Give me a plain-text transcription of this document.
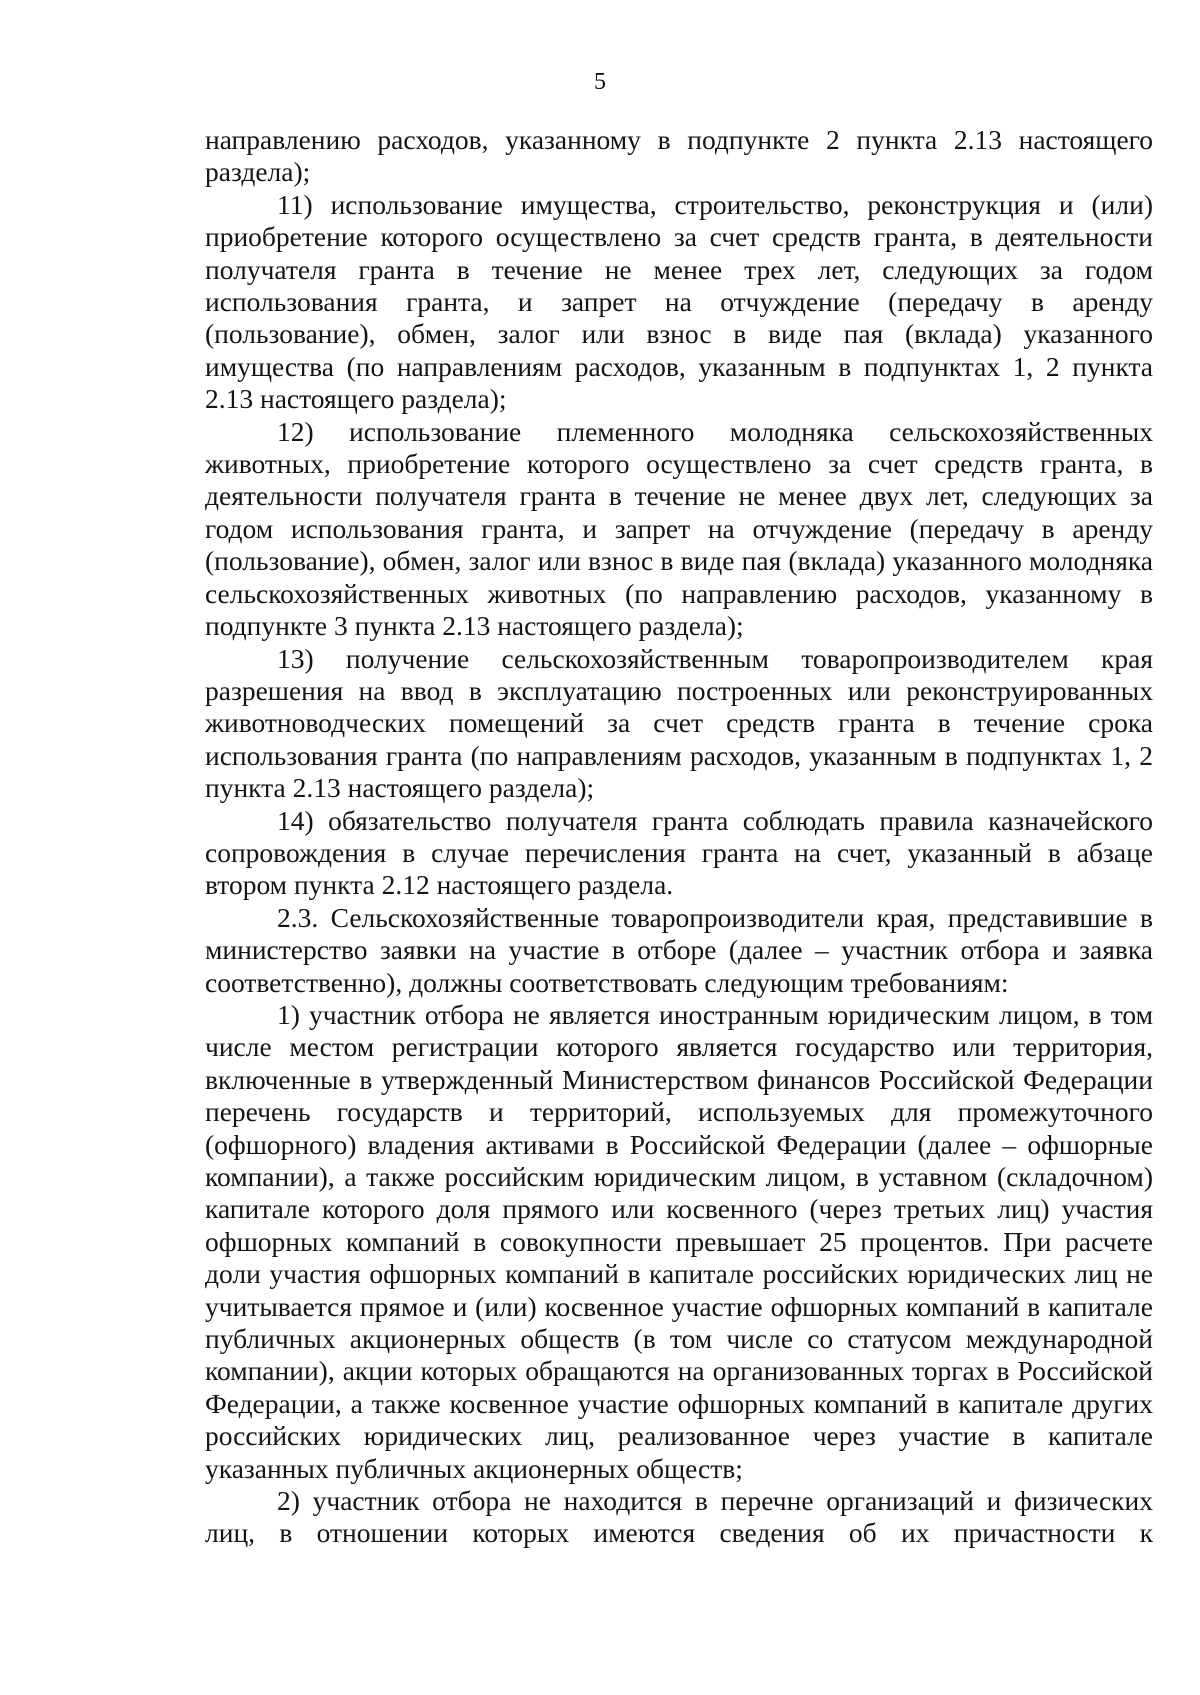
5

направлению расходов, указанному в подпункте 2 пункта 2.13 настоящего раздела);

11) использование имущества, строительство, реконструкция и (или) приобретение которого осуществлено за счет средств гранта, в деятельности получателя гранта в течение не менее трех лет, следующих за годом использования гранта, и запрет на отчуждение (передачу в аренду (пользование), обмен, залог или взнос в виде пая (вклада) указанного имущества (по направлениям расходов, указанным в подпунктах 1, 2 пункта 2.13 настоящего раздела);

12) использование племенного молодняка сельскохозяйственных животных, приобретение которого осуществлено за счет средств гранта, в деятельности получателя гранта в течение не менее двух лет, следующих за годом использования гранта, и запрет на отчуждение (передачу в аренду (пользование), обмен, залог или взнос в виде пая (вклада) указанного молодняка сельскохозяйственных животных (по направлению расходов, указанному в подпункте 3 пункта 2.13 настоящего раздела);

13) получение сельскохозяйственным товаропроизводителем края разрешения на ввод в эксплуатацию построенных или реконструированных животноводческих помещений за счет средств гранта в течение срока использования гранта (по направлениям расходов, указанным в подпунктах 1, 2 пункта 2.13 настоящего раздела);

14) обязательство получателя гранта соблюдать правила казначейского сопровождения в случае перечисления гранта на счет, указанный в абзаце втором пункта 2.12 настоящего раздела.

2.3. Сельскохозяйственные товаропроизводители края, представившие в министерство заявки на участие в отборе (далее – участник отбора и заявка соответственно), должны соответствовать следующим требованиям:

1) участник отбора не является иностранным юридическим лицом, в том числе местом регистрации которого является государство или территория, включенные в утвержденный Министерством финансов Российской Федерации перечень государств и территорий, используемых для промежуточного (офшорного) владения активами в Российской Федерации (далее – офшорные компании), а также российским юридическим лицом, в уставном (складочном) капитале которого доля прямого или косвенного (через третьих лиц) участия офшорных компаний в совокупности превышает 25 процентов. При расчете доли участия офшорных компаний в капитале российских юридических лиц не учитывается прямое и (или) косвенное участие офшорных компаний в капитале публичных акционерных обществ (в том числе со статусом международной компании), акции которых обращаются на организованных торгах в Российской Федерации, а также косвенное участие офшорных компаний в капитале других российских юридических лиц, реализованное через участие в капитале указанных публичных акционерных обществ;

2) участник отбора не находится в перечне организаций и физических лиц, в отношении которых имеются сведения об их причастности к
